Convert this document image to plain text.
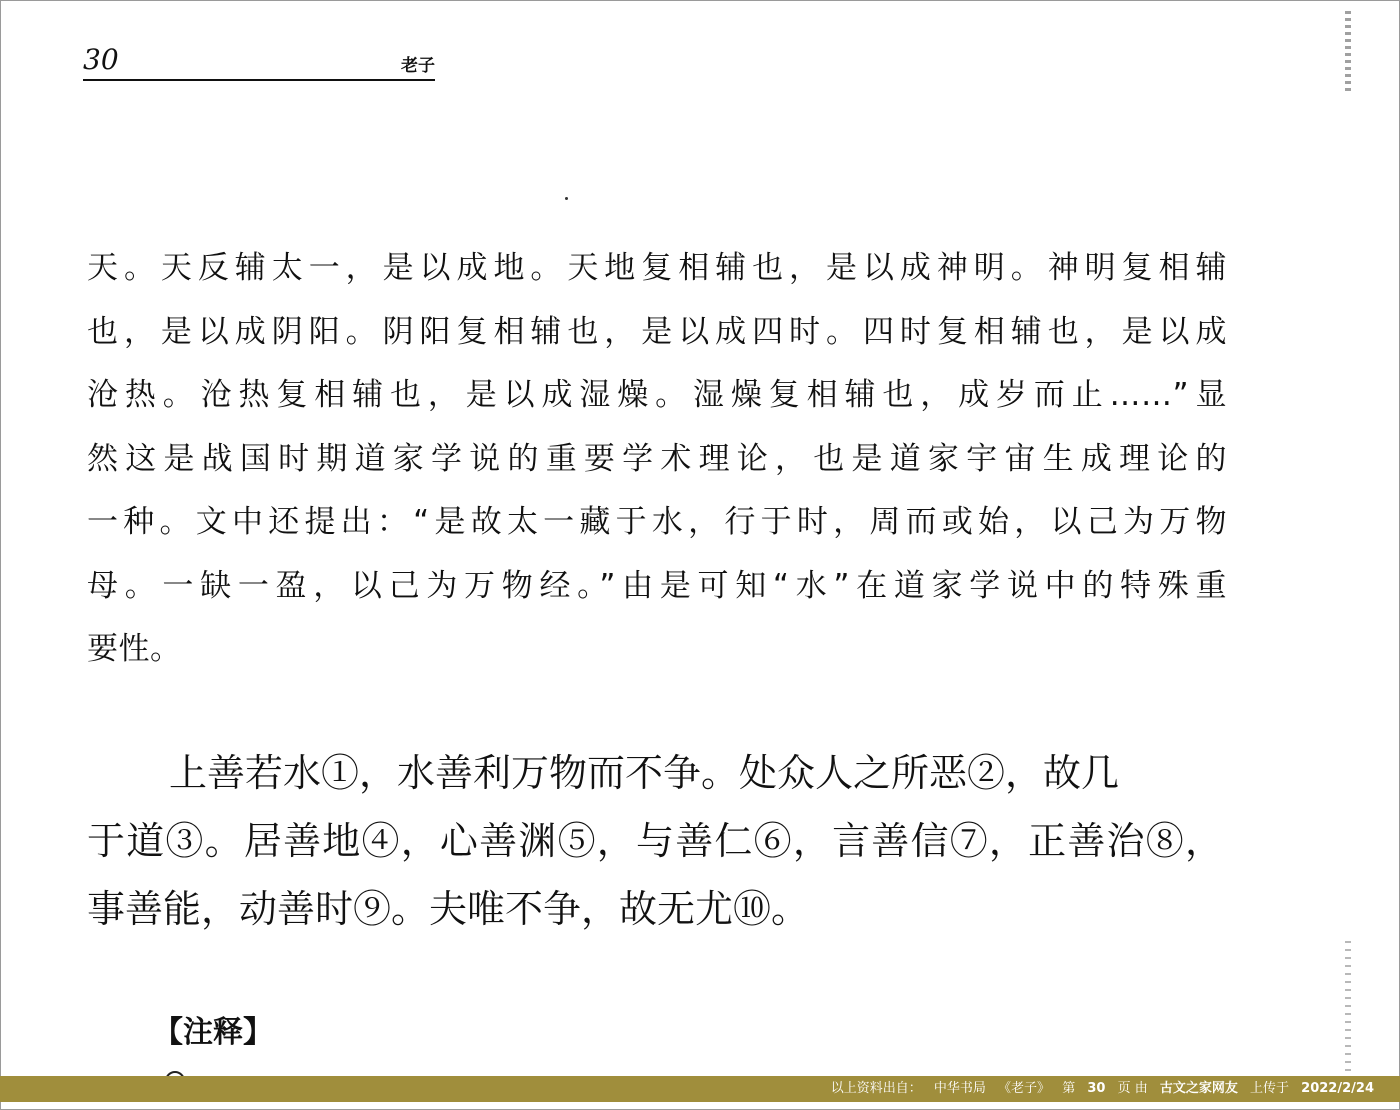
30	老子

天。天反辅太一，是以成地。天地复相辅也，是以成神明。神明复相辅
也，是以成阴阳。阴阳复相辅也，是以成四时。四时复相辅也，是以成
沧热。沧热复相辅也，是以成湿燥。湿燥复相辅也，成岁而止……”显
然这是战国时期道家学说的重要学术理论，也是道家宇宙生成理论的
一种。文中还提出：“是故太一藏于水，行于时，周而或始，以己为万物
母。一缺一盈，以己为万物经。”由是可知“水”在道家学说中的特殊重
要性。

上善若水①，水善利万物而不争。处众人之所恶②，故几
于道③。居善地④，心善渊⑤，与善仁⑥，言善信⑦，正善治⑧，
事善能，动善时⑨。夫唯不争，故无尤⑩。

【注释】
以上资料出自： 中华书局 《老子》 第 30 页 由 古文之家网友 上传于 2022/2/24
